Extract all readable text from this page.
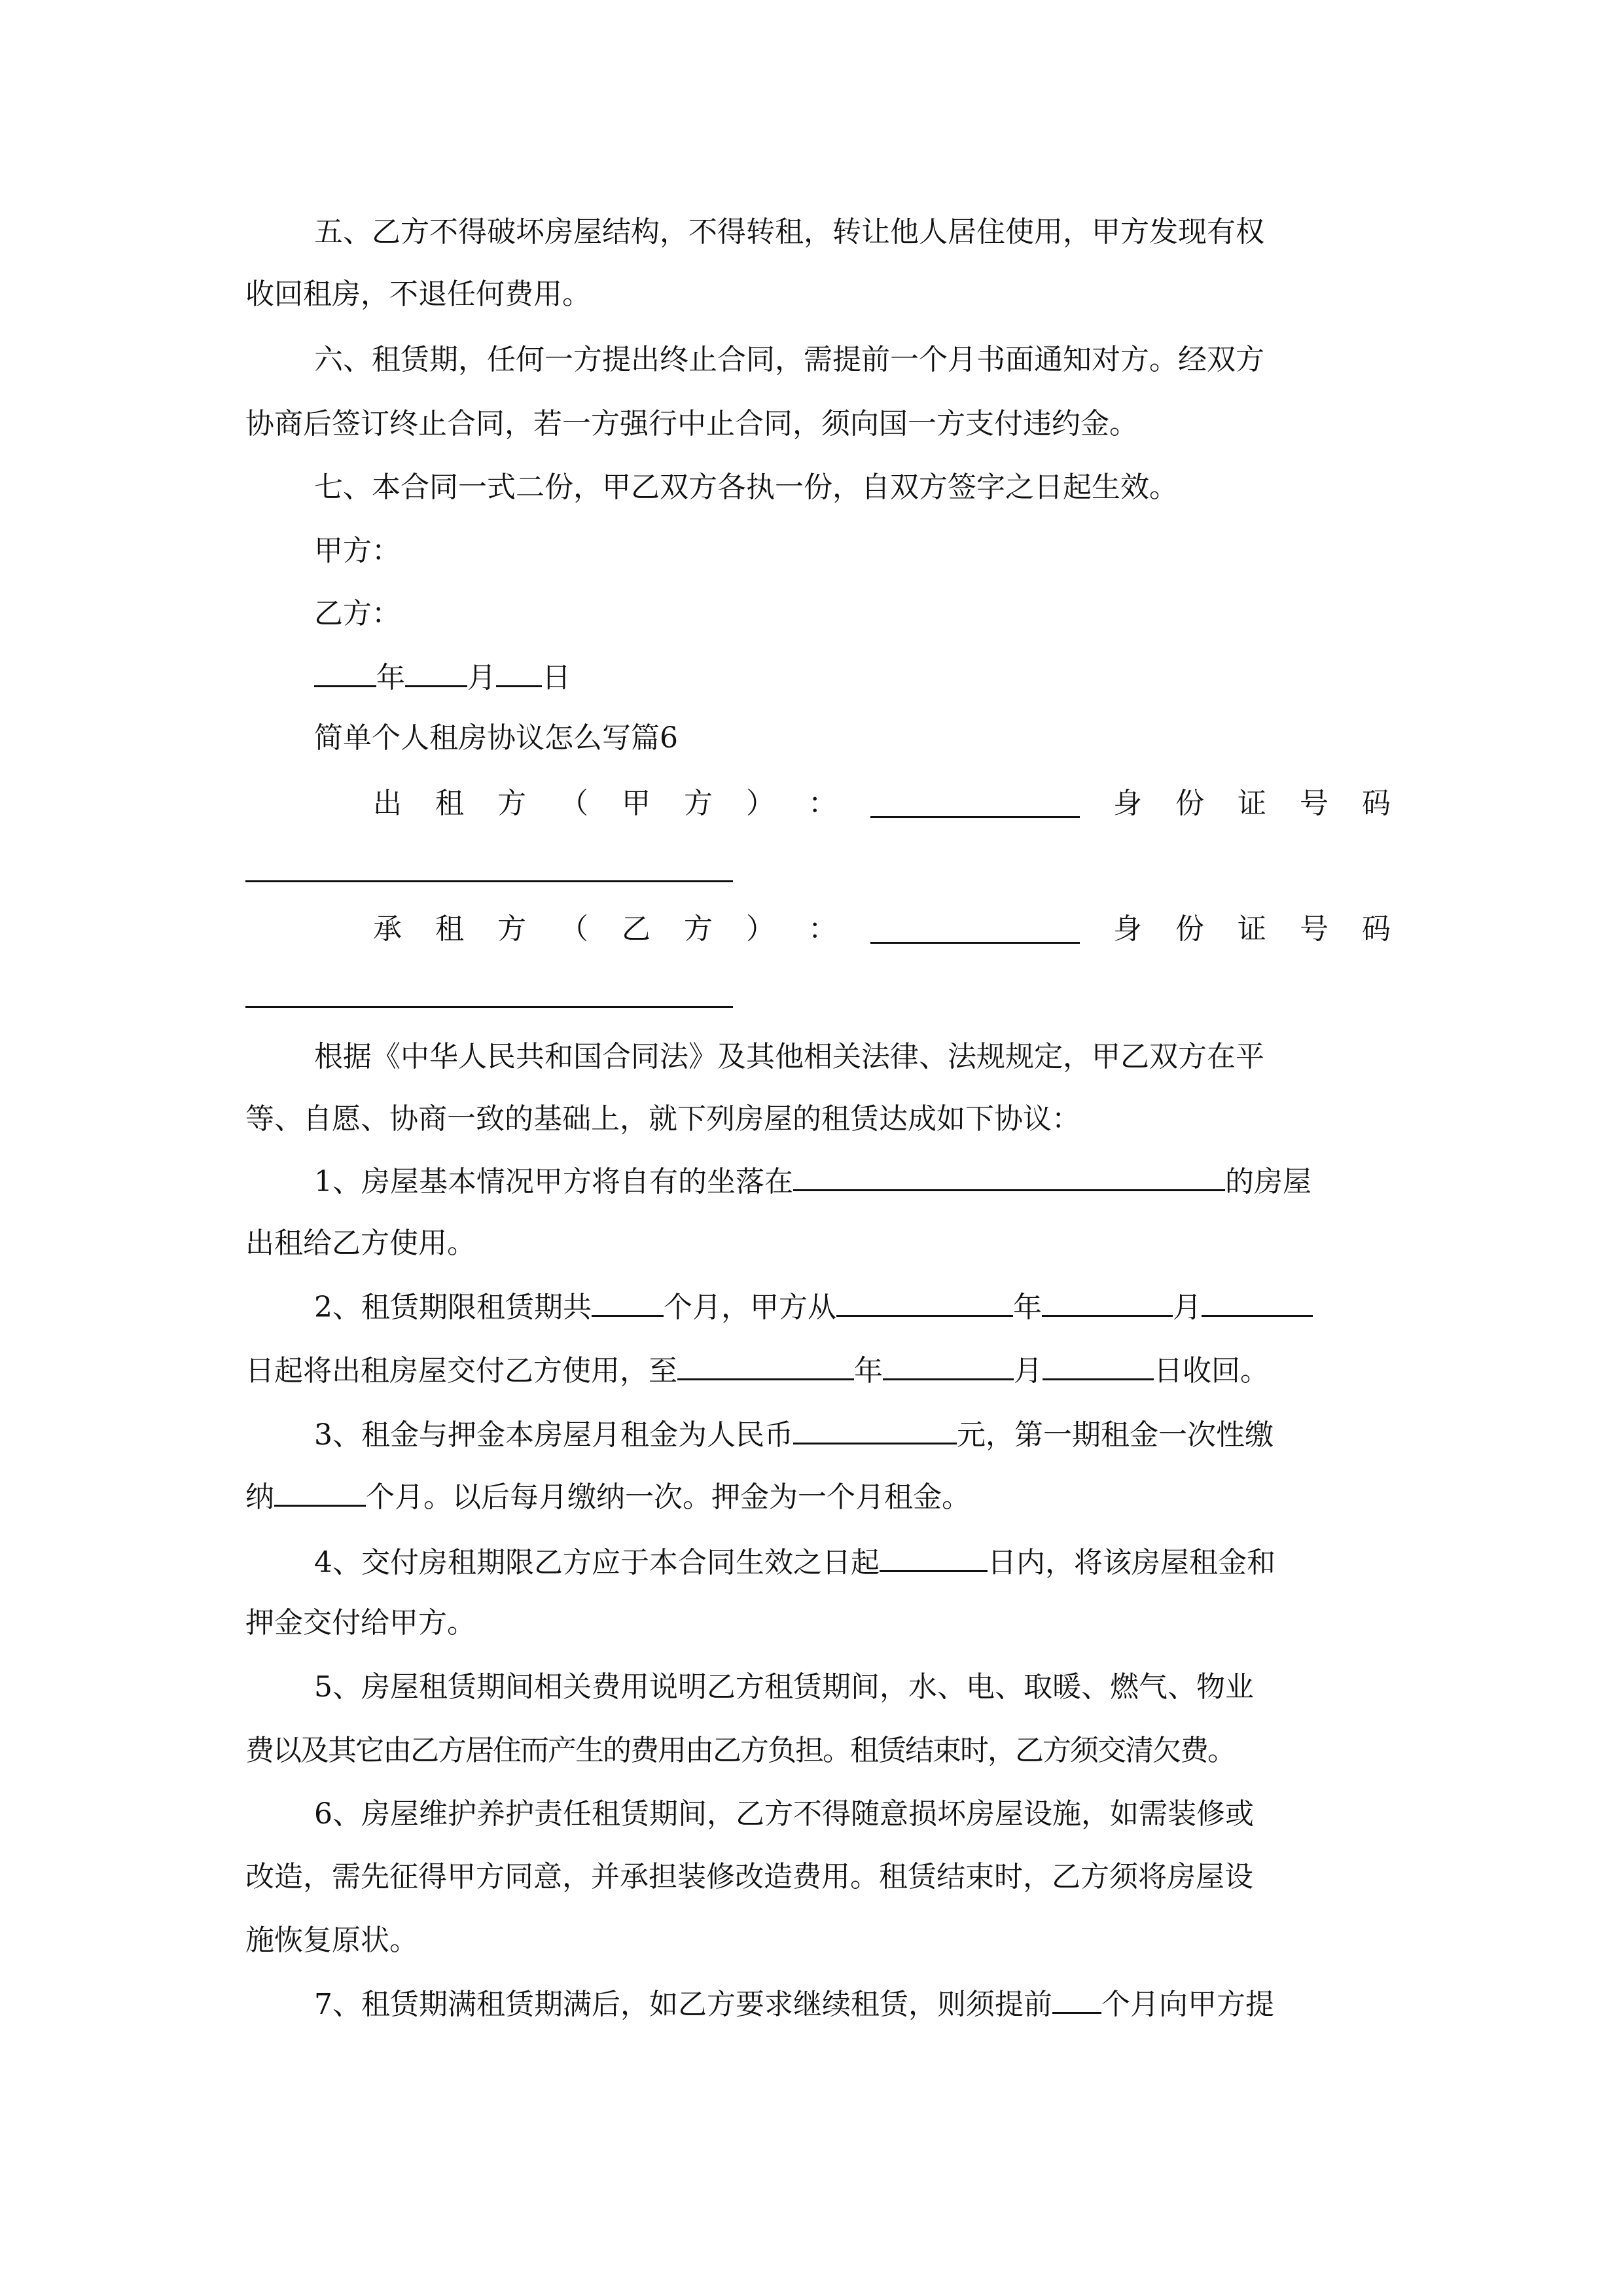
五、乙方不得破坏房屋结构，不得转租，转让他人居住使用，甲方发现有权
收回租房，不退任何费用。
六、租赁期，任何一方提出终止合同，需提前一个月书面通知对方。经双方
协商后签订终止合同，若一方强行中止合同，须向国一方支付违约金。
七、本合同一式二份，甲乙双方各执一份，自双方签字之日起生效。
甲方：
乙方：
年 月 日
简单个人租房协议怎么写篇6
出 租 方 （ 甲 方 ） ：	身 份 证 号 码
承 租 方 （ 乙 方 ） ：	身 份 证 号 码
根据《中华人民共和国合同法》及其他相关法律、法规规定，甲乙双方在平
等、自愿、协商一致的基础上，就下列房屋的租赁达成如下协议：
1、房屋基本情况甲方将自有的坐落在	的房屋
出租给乙方使用。
2、租赁期限租赁期共	个月，甲方从	年	月
日起将出租房屋交付乙方使用，至	年	月	日收回。
3、租金与押金本房屋月租金为人民币	元，第一期租金一次性缴
纳	个月。以后每月缴纳一次。押金为一个月租金。
4、交付房租期限乙方应于本合同生效之日起	日内，将该房屋租金和
押金交付给甲方。
5、房屋租赁期间相关费用说明乙方租赁期间，水、电、取暖、燃气、物业
费以及其它由乙方居住而产生的费用由乙方负担。租赁结束时，乙方须交清欠费。
6、房屋维护养护责任租赁期间，乙方不得随意损坏房屋设施，如需装修或
改造，需先征得甲方同意，并承担装修改造费用。租赁结束时，乙方须将房屋设
施恢复原状。
7、租赁期满租赁期满后，如乙方要求继续租赁，则须提前 个月向甲方提
